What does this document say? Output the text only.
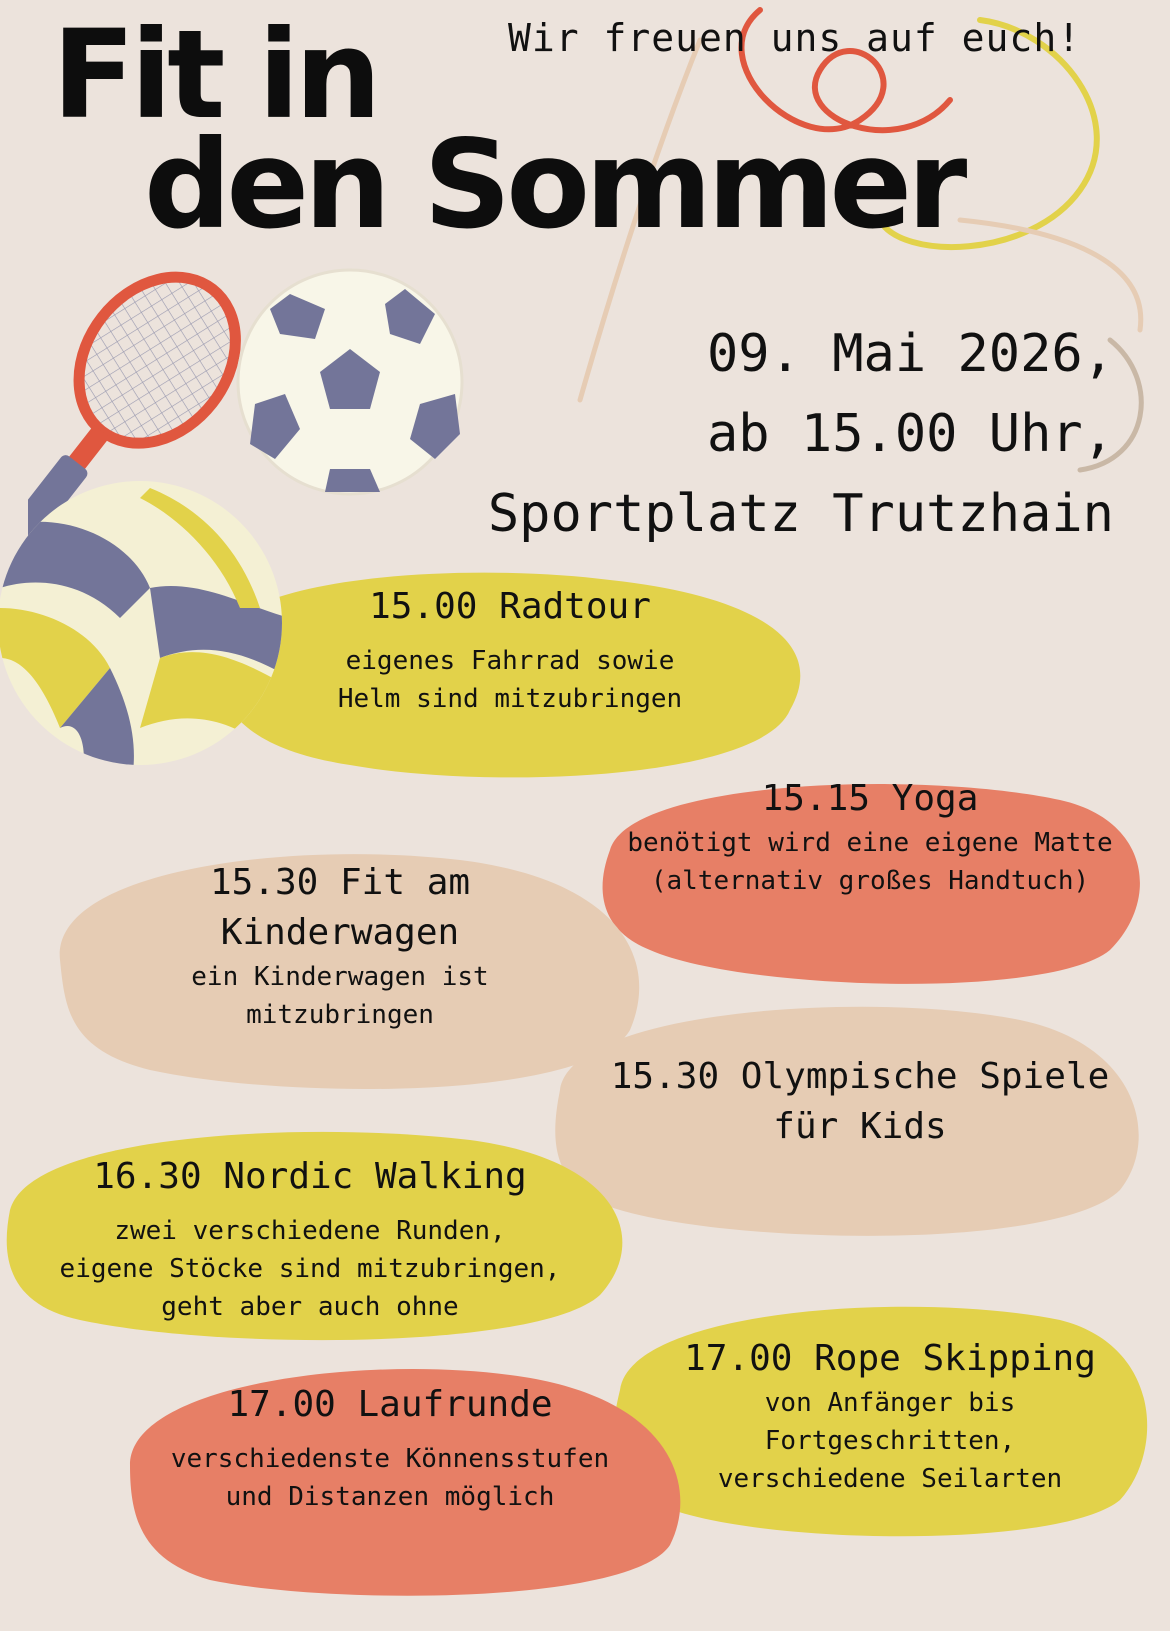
Wir freuen uns auf euch!
Fit in
den Sommer
09. Mai 2026,
ab 15.00 Uhr,
Sportplatz Trutzhain
15.00 Radtour
eigenes Fahrrad sowie
Helm sind mitzubringen
15.15 Yoga
benötigt wird eine eigene Matte
(alternativ großes Handtuch)
15.30 Fit am
Kinderwagen
ein Kinderwagen ist
mitzubringen
15.30 Olympische Spiele
für Kids
16.30 Nordic Walking
zwei verschiedene Runden,
eigene Stöcke sind mitzubringen,
geht aber auch ohne
17.00 Rope Skipping
von Anfänger bis
Fortgeschritten,
verschiedene Seilarten
17.00 Laufrunde
verschiedenste Könnensstufen
und Distanzen möglich
